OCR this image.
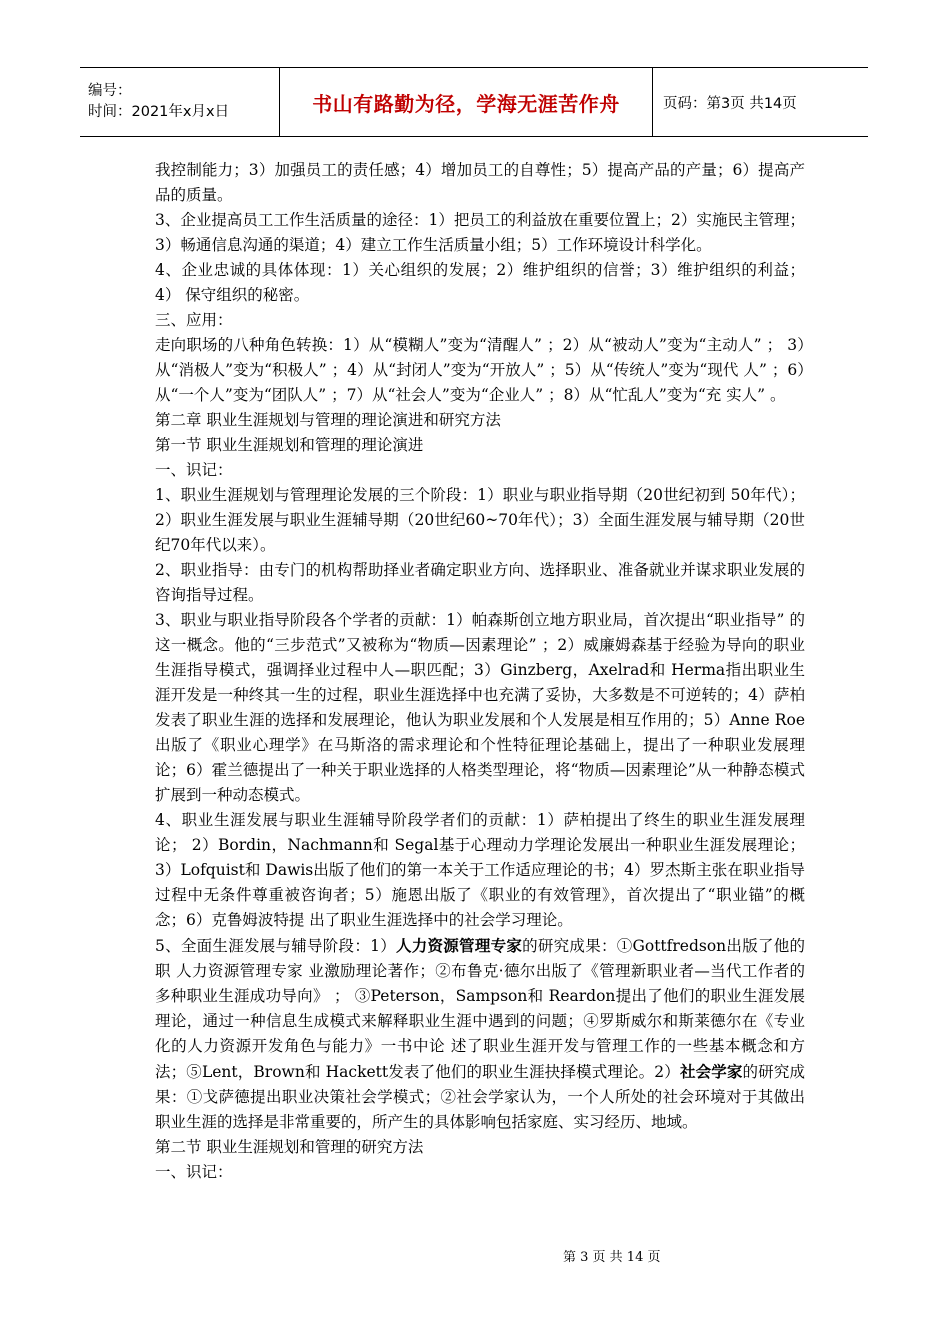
编号：
时间：2021年x月x日	书山有路勤为径，学海无涯苦作舟	页码：第3页 共14页

我控制能力；3）加强员工的责任感；4）增加员工的自尊性；5）提高产品的产量；6）提高产品的质量。

3、企业提高员工工作生活质量的途径：1）把员工的利益放在重要位置上；2）实施民主管理； 3）畅通信息沟通的渠道；4）建立工作生活质量小组；5）工作环境设计科学化。

4、企业忠诚的具体体现：1）关心组织的发展；2）维护组织的信誉；3）维护组织的利益；4） 保守组织的秘密。

三、应用：

走向职场的八种角色转换：1）从“模糊人”变为“清醒人” ；2）从“被动人”变为“主动人” ； 3）从“消极人”变为“积极人” ；4）从“封闭人”变为“开放人” ；5）从“传统人”变为“现代 人” ；6）从“一个人”变为“团队人” ；7）从“社会人”变为“企业人” ；8）从“忙乱人”变为“充 实人” 。

第二章 职业生涯规划与管理的理论演进和研究方法

第一节 职业生涯规划和管理的理论演进

一、识记：

1、职业生涯规划与管理理论发展的三个阶段：1）职业与职业指导期（20世纪初到 50年代）；2）职业生涯发展与职业生涯辅导期（20世纪60~70年代）；3）全面生涯发展与辅导期（20世纪70年代以来）。

2、职业指导：由专门的机构帮助择业者确定职业方向、选择职业、准备就业并谋求职业发展的咨询指导过程。

3、职业与职业指导阶段各个学者的贡献：1）帕森斯创立地方职业局，首次提出“职业指导” 的这一概念。他的“三步范式”又被称为“物质—因素理论” ；2）威廉姆森基于经验为导向的职业 生涯指导模式，强调择业过程中人—职匹配；3）Ginzberg，Axelrad和 Herma指出职业生涯开发是一种终其一生的过程，职业生涯选择中也充满了妥协，大多数是不可逆转的；4）萨柏发表了职业生涯的选择和发展理论，他认为职业发展和个人发展是相互作用的；5）Anne Roe出版了《职业心理学》在马斯洛的需求理论和个性特征理论基础上，提出了一种职业发展理论；6）霍兰德提出了一种关于职业选择的人格类型理论，将“物质—因素理论”从一种静态模式扩展到一种动态模式。

4、职业生涯发展与职业生涯辅导阶段学者们的贡献：1）萨柏提出了终生的职业生涯发展理论； 2）Bordin，Nachmann和 Segal基于心理动力学理论发展出一种职业生涯发展理论；3）Lofquist和 Dawis出版了他们的第一本关于工作适应理论的书；4）罗杰斯主张在职业指导过程中无条件尊重被咨询者；5）施恩出版了《职业的有效管理》，首次提出了“职业锚”的概念；6）克鲁姆波特提 出了职业生涯选择中的社会学习理论。

5、全面生涯发展与辅导阶段：1）人力资源管理专家的研究成果：①Gottfredson出版了他的职 人力资源管理专家 业激励理论著作；②布鲁克·德尔出版了《管理新职业者—当代工作者的多种职业生涯成功导向》 ； ③Peterson，Sampson和 Reardon提出了他们的职业生涯发展理论，通过一种信息生成模式来解释职业生涯中遇到的问题；④罗斯威尔和斯莱德尔在《专业化的人力资源开发角色与能力》一书中论 述了职业生涯开发与管理工作的一些基本概念和方法；⑤Lent，Brown和 Hackett发表了他们的职业生涯抉择模式理论。2）社会学家的研究成果：①戈萨德提出职业决策社会学模式；②社会学家认为，一个人所处的社会环境对于其做出职业生涯的选择是非常重要的，所产生的具体影响包括家庭、实习经历、地域。

第二节 职业生涯规划和管理的研究方法

一、识记：

第 3 页 共 14 页
